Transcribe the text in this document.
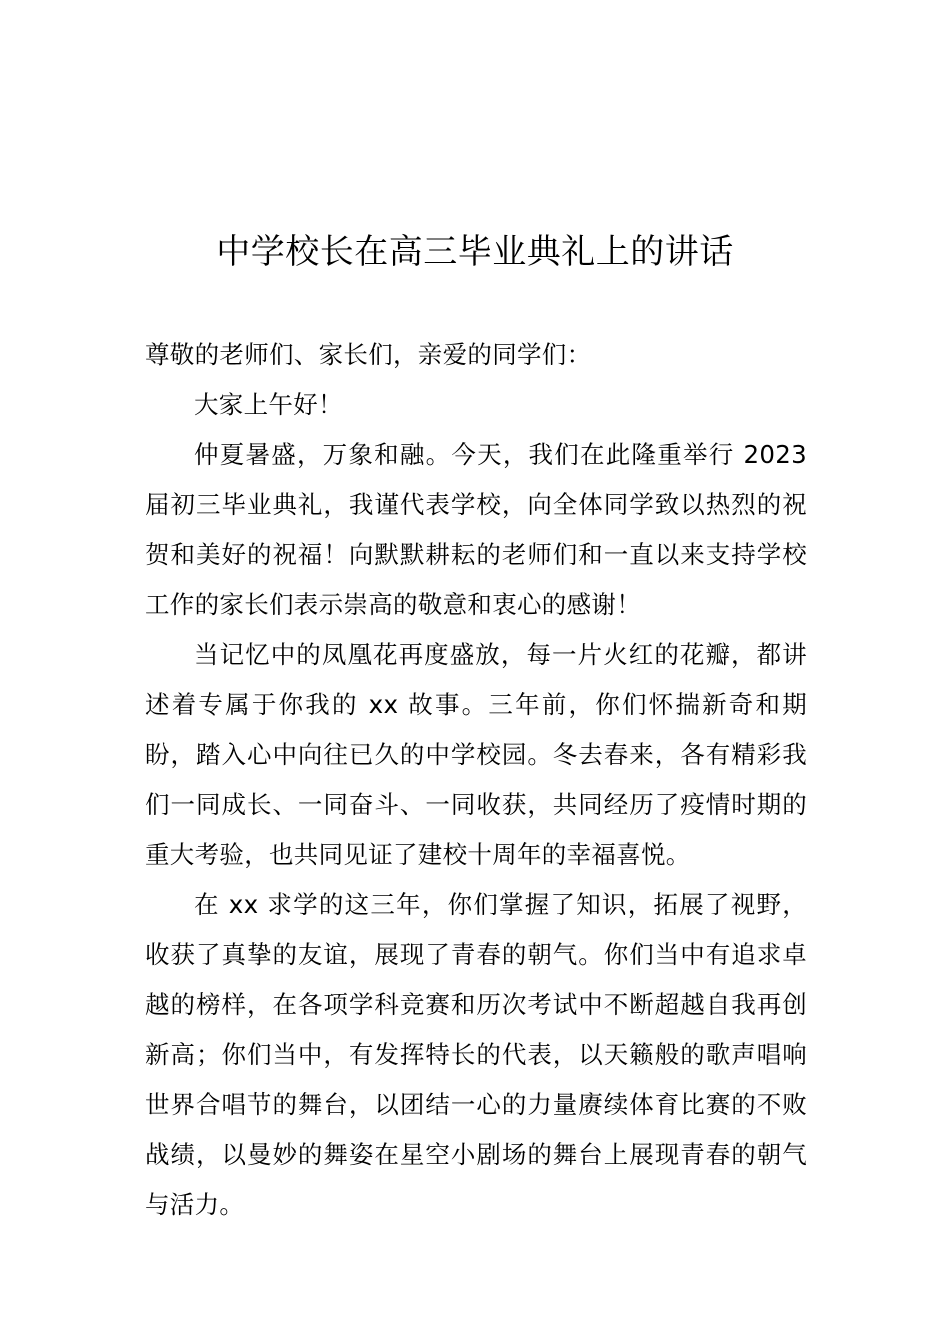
中学校长在高三毕业典礼上的讲话

尊敬的老师们、家长们，亲爱的同学们：

大家上午好！

仲夏暑盛，万象和融。今天，我们在此隆重举行 2023 届初三毕业典礼，我谨代表学校，向全体同学致以热烈的祝贺和美好的祝福！向默默耕耘的老师们和一直以来支持学校工作的家长们表示崇高的敬意和衷心的感谢！

当记忆中的凤凰花再度盛放，每一片火红的花瓣，都讲述着专属于你我的 xx 故事。三年前，你们怀揣新奇和期盼，踏入心中向往已久的中学校园。冬去春来，各有精彩我们一同成长、一同奋斗、一同收获，共同经历了疫情时期的重大考验，也共同见证了建校十周年的幸福喜悦。

在 xx 求学的这三年，你们掌握了知识，拓展了视野，收获了真挚的友谊，展现了青春的朝气。你们当中有追求卓越的榜样，在各项学科竞赛和历次考试中不断超越自我再创新高；你们当中，有发挥特长的代表，以天籁般的歌声唱响世界合唱节的舞台，以团结一心的力量赓续体育比赛的不败战绩，以曼妙的舞姿在星空小剧场的舞台上展现青春的朝气与活力。
